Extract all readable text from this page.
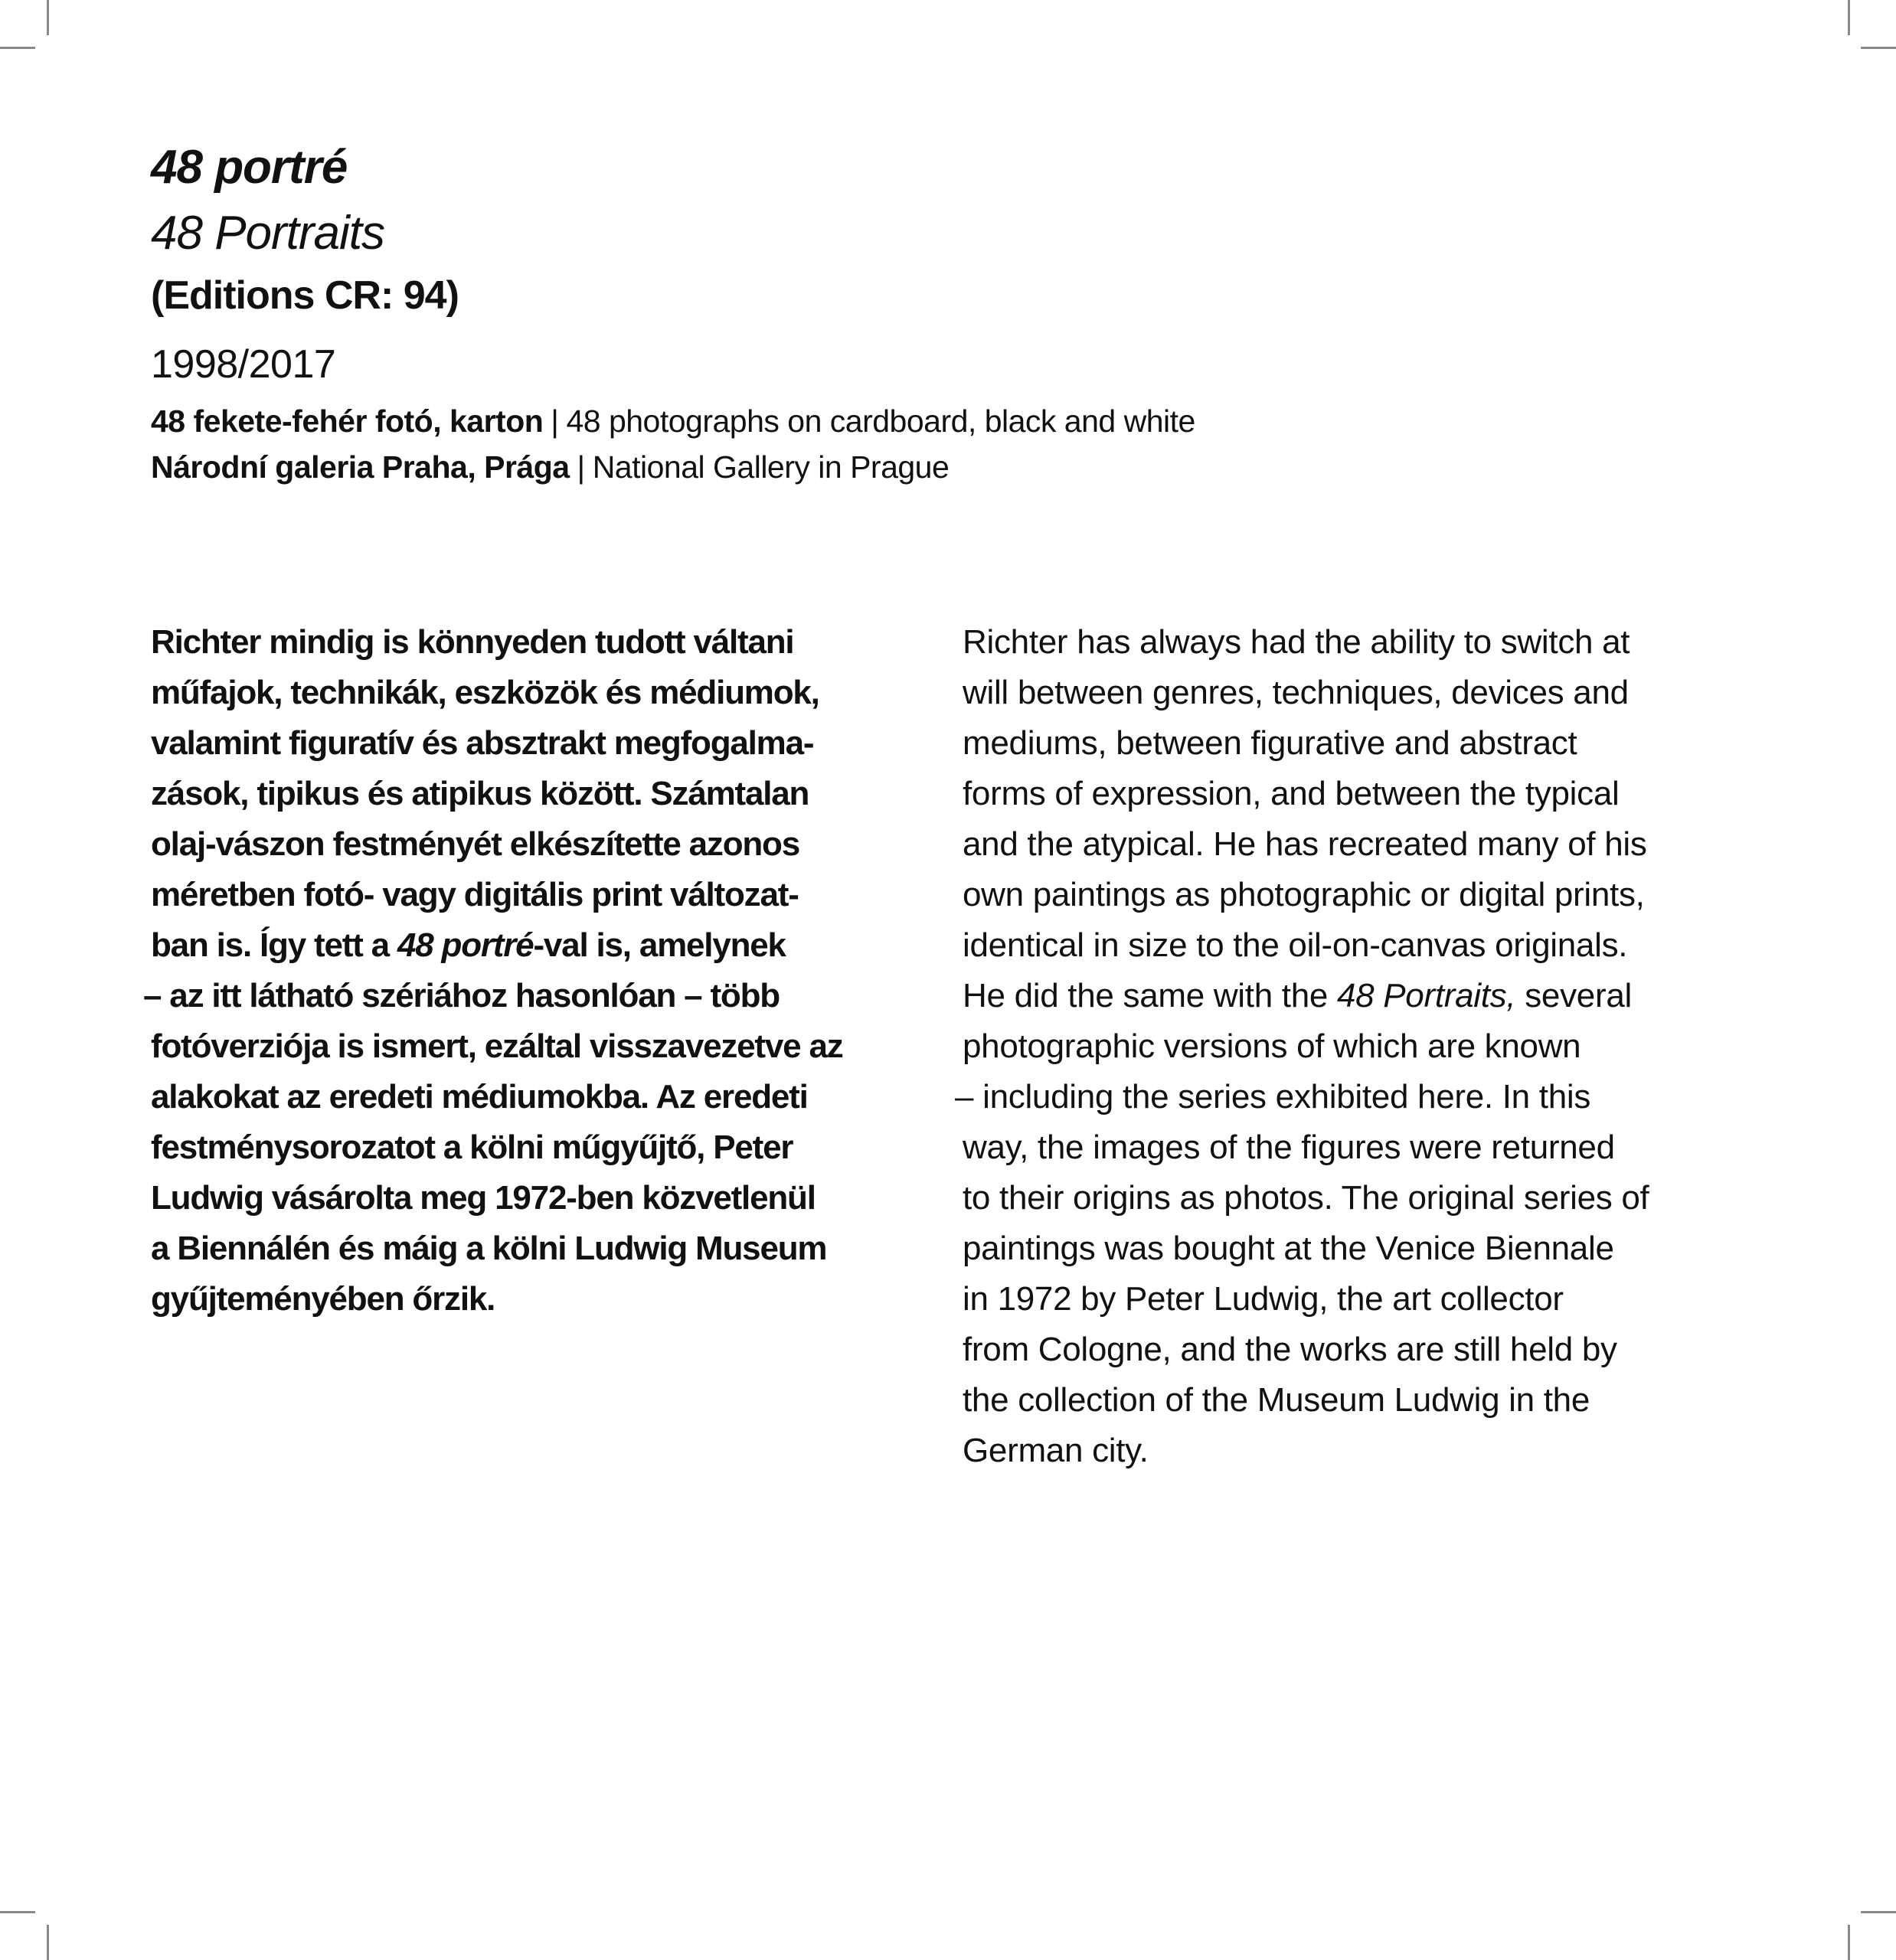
48 portré
48 Portraits
(Editions CR: 94)
1998/2017
48 fekete-fehér fotó, karton | 48 photographs on cardboard, black and white
Národní galeria Praha, Prága | National Gallery in Prague
Richter mindig is könnyeden tudott váltani
műfajok, technikák, eszközök és médiumok,
valamint figuratív és absztrakt megfogalma-
zások, tipikus és atipikus között. Számtalan
olaj-vászon festményét elkészítette azonos
méretben fotó- vagy digitális print változat-
ban is. Így tett a 48 portré-val is, amelynek
– az itt látható szériához hasonlóan – több
fotóverziója is ismert, ezáltal visszavezetve az
alakokat az eredeti médiumokba. Az eredeti
festménysorozatot a kölni műgyűjtő, Peter
Ludwig vásárolta meg 1972-ben közvetlenül
a Biennálén és máig a kölni Ludwig Museum
gyűjteményében őrzik.
Richter has always had the ability to switch at
will between genres, techniques, devices and
mediums, between figurative and abstract
forms of expression, and between the typical
and the atypical. He has recreated many of his
own paintings as photographic or digital prints,
identical in size to the oil-on-canvas originals.
He did the same with the 48 Portraits, several
photographic versions of which are known
– including the series exhibited here. In this
way, the images of the figures were returned
to their origins as photos. The original series of
paintings was bought at the Venice Biennale
in 1972 by Peter Ludwig, the art collector
from Cologne, and the works are still held by
the collection of the Museum Ludwig in the
German city.
